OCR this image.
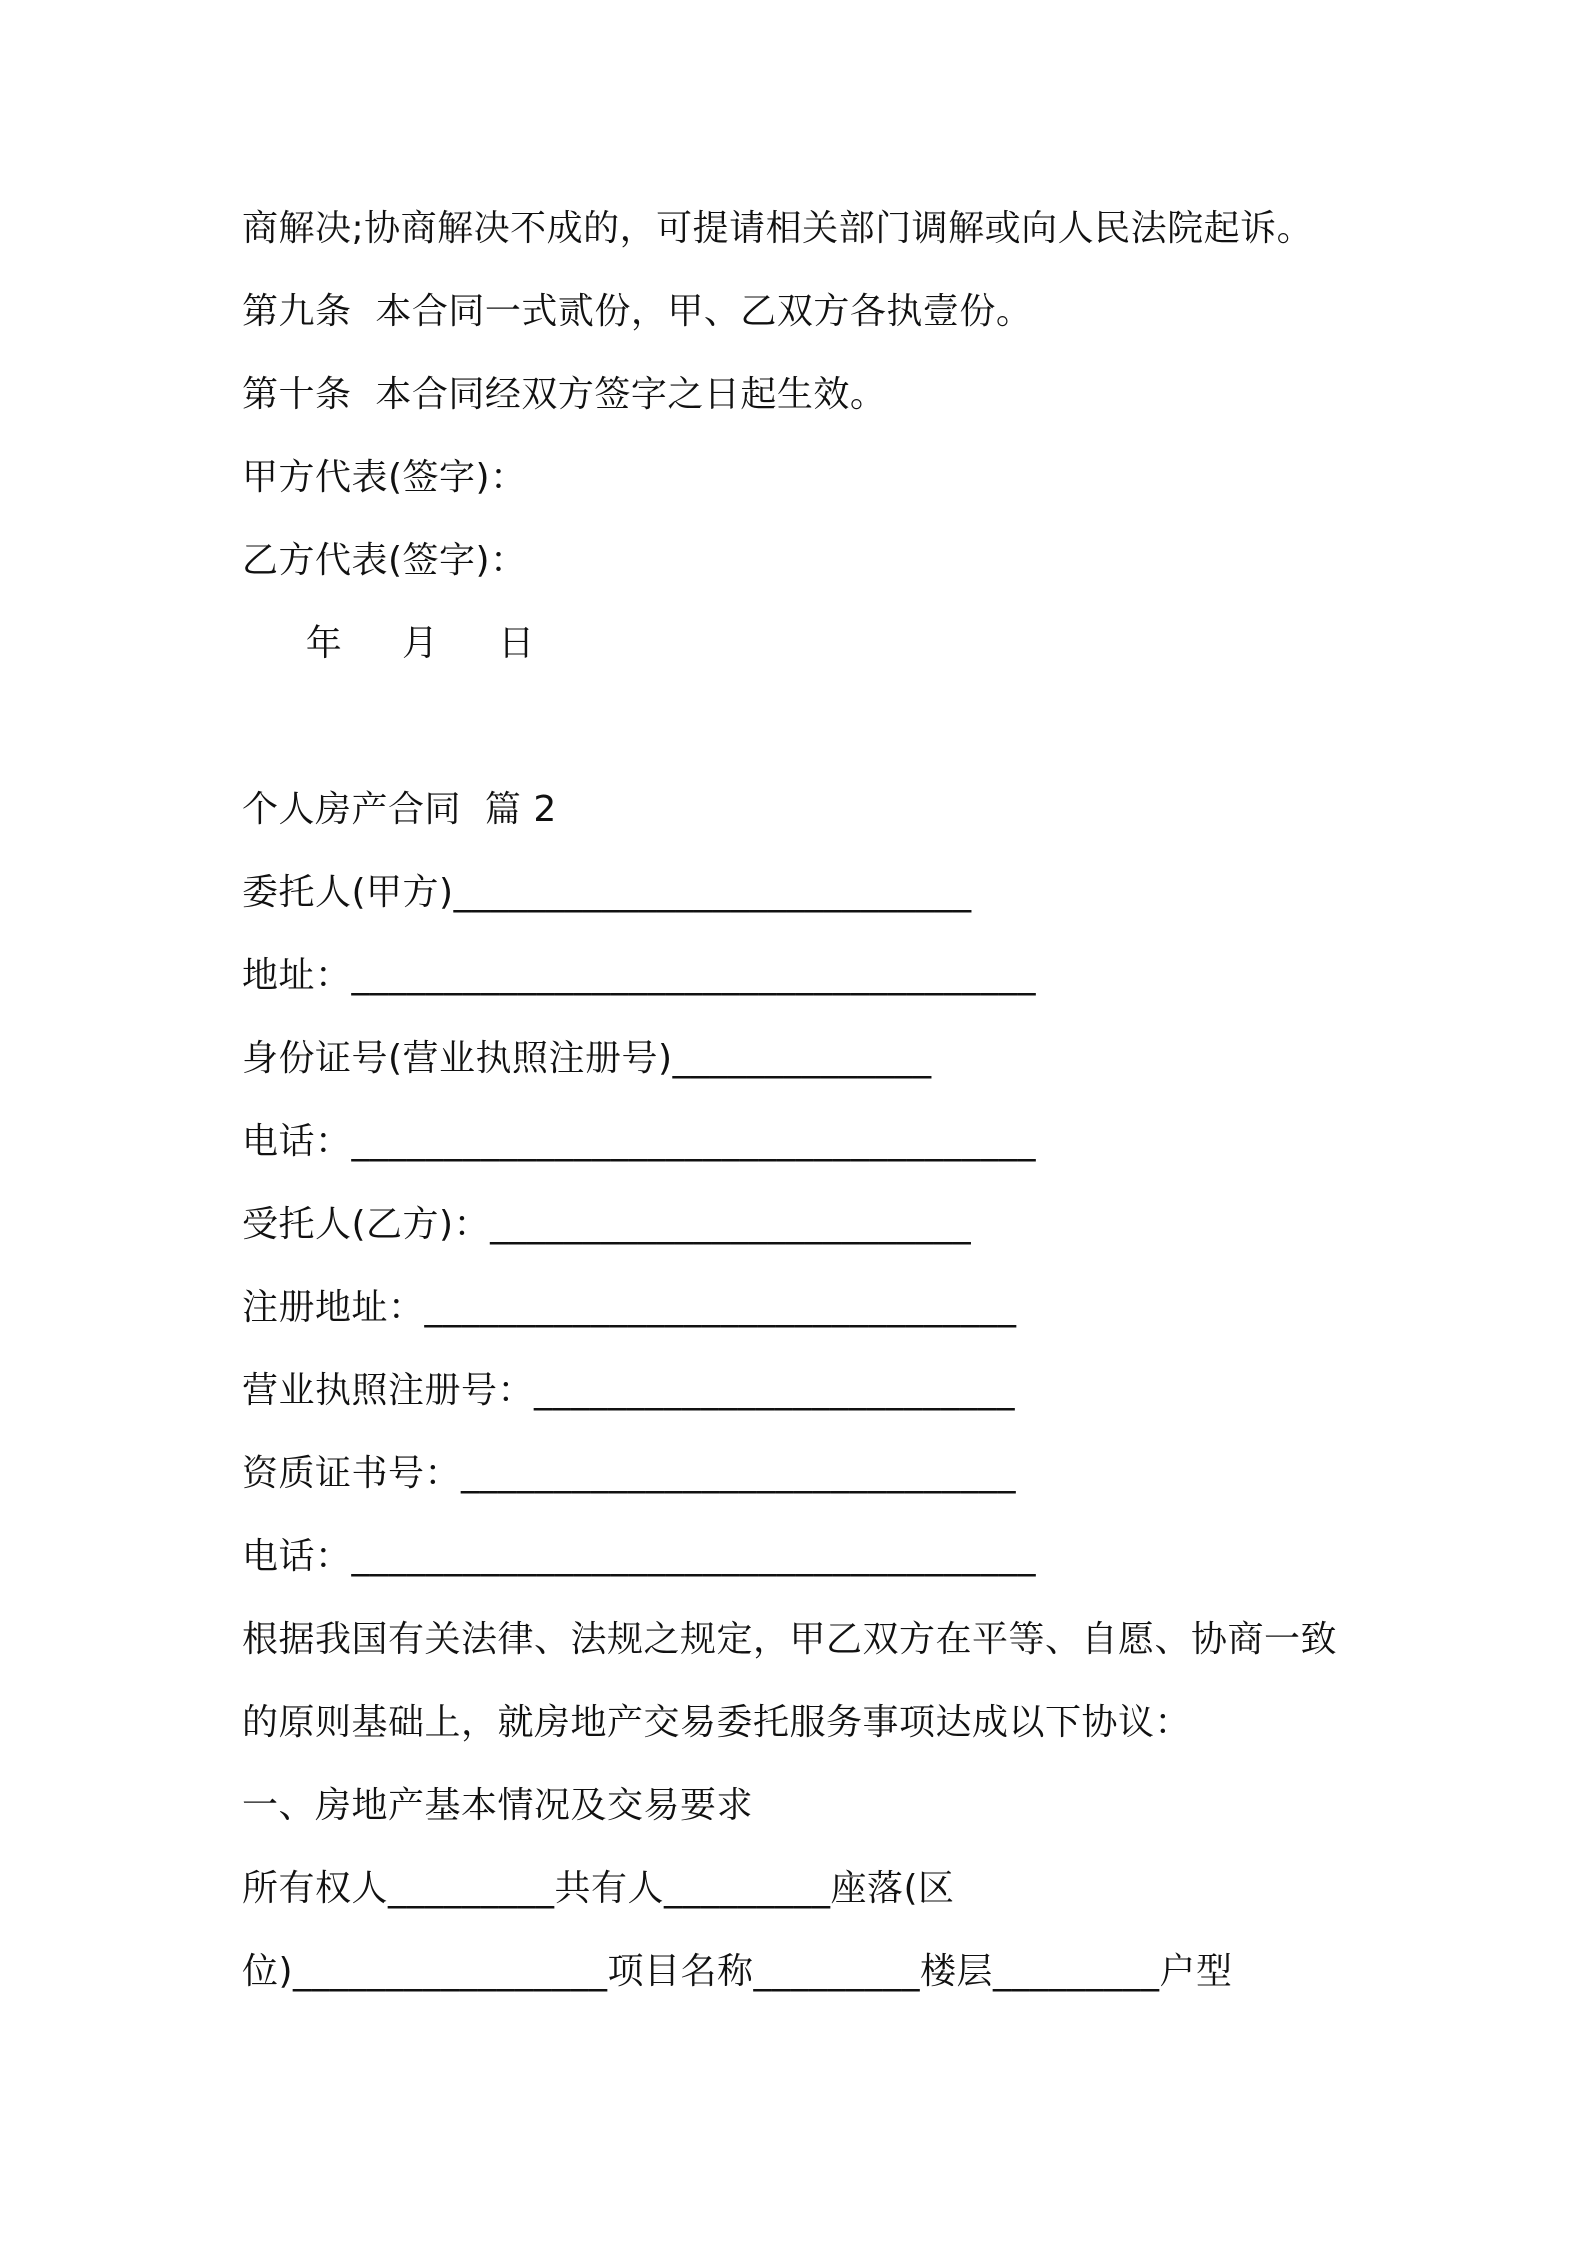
商解决;协商解决不成的，可提请相关部门调解或向人民法院起诉。
第九条  本合同一式贰份，甲、乙双方各执壹份。
第十条  本合同经双方签字之日起生效。
甲方代表(签字)：
乙方代表(签字)：
年     月     日
个人房产合同  篇 2
委托人(甲方)____________________________
地址：_____________________________________
身份证号(营业执照注册号)______________
电话：_____________________________________
受托人(乙方)：__________________________
注册地址：________________________________
营业执照注册号：__________________________
资质证书号：______________________________
电话：_____________________________________
根据我国有关法律、法规之规定，甲乙双方在平等、自愿、协商一致
的原则基础上，就房地产交易委托服务事项达成以下协议：
一、房地产基本情况及交易要求
所有权人_________共有人_________座落(区
位)_________________项目名称_________楼层_________户型
